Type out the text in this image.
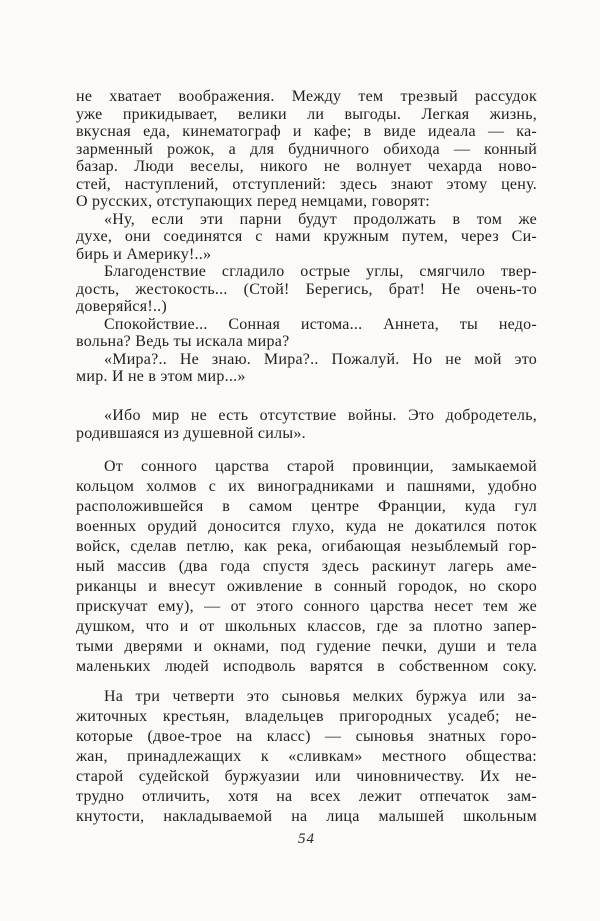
не хватает воображения. Между тем трезвый рассудок
уже прикидывает, велики ли выгоды. Легкая жизнь,
вкусная еда, кинематограф и кафе; в виде идеала — ка-
зарменный рожок, а для будничного обихода — конный
базар. Люди веселы, никого не волнует чехарда ново-
стей, наступлений, отступлений: здесь знают этому цену.
О русских, отступающих перед немцами, говорят:
«Ну, если эти парни будут продолжать в том же
духе, они соединятся с нами кружным путем, через Си-
бирь и Америку!..»
Благоденствие сгладило острые углы, смягчило твер-
дость, жестокость... (Стой! Берегись, брат! Не очень-то
доверяйся!..)
Спокойствие... Сонная истома... Аннета, ты недо-
вольна? Ведь ты искала мира?
«Мира?.. Не знаю. Мира?.. Пожалуй. Но не мой это
мир. И не в этом мир...»
«Ибо мир не есть отсутствие войны. Это добродетель,
родившаяся из душевной силы».
От сонного царства старой провинции, замыкаемой
кольцом холмов с их виноградниками и пашнями, удобно
расположившейся в самом центре Франции, куда гул
военных орудий доносится глухо, куда не докатился поток
войск, сделав петлю, как река, огибающая незыблемый гор-
ный массив (два года спустя здесь раскинут лагерь аме-
риканцы и внесут оживление в сонный городок, но скоро
прискучат ему), — от этого сонного царства несет тем же
душком, что и от школьных классов, где за плотно запер-
тыми дверями и окнами, под гудение печки, души и тела
маленьких людей исподволь варятся в собственном соку.
На три четверти это сыновья мелких буржуа или за-
житочных крестьян, владельцев пригородных усадеб; не-
которые (двое-трое на класс) — сыновья знатных горо-
жан, принадлежащих к «сливкам» местного общества:
старой судейской буржуазии или чиновничеству. Их не-
трудно отличить, хотя на всех лежит отпечаток зам-
кнутости, накладываемой на лица малышей школьным
54
